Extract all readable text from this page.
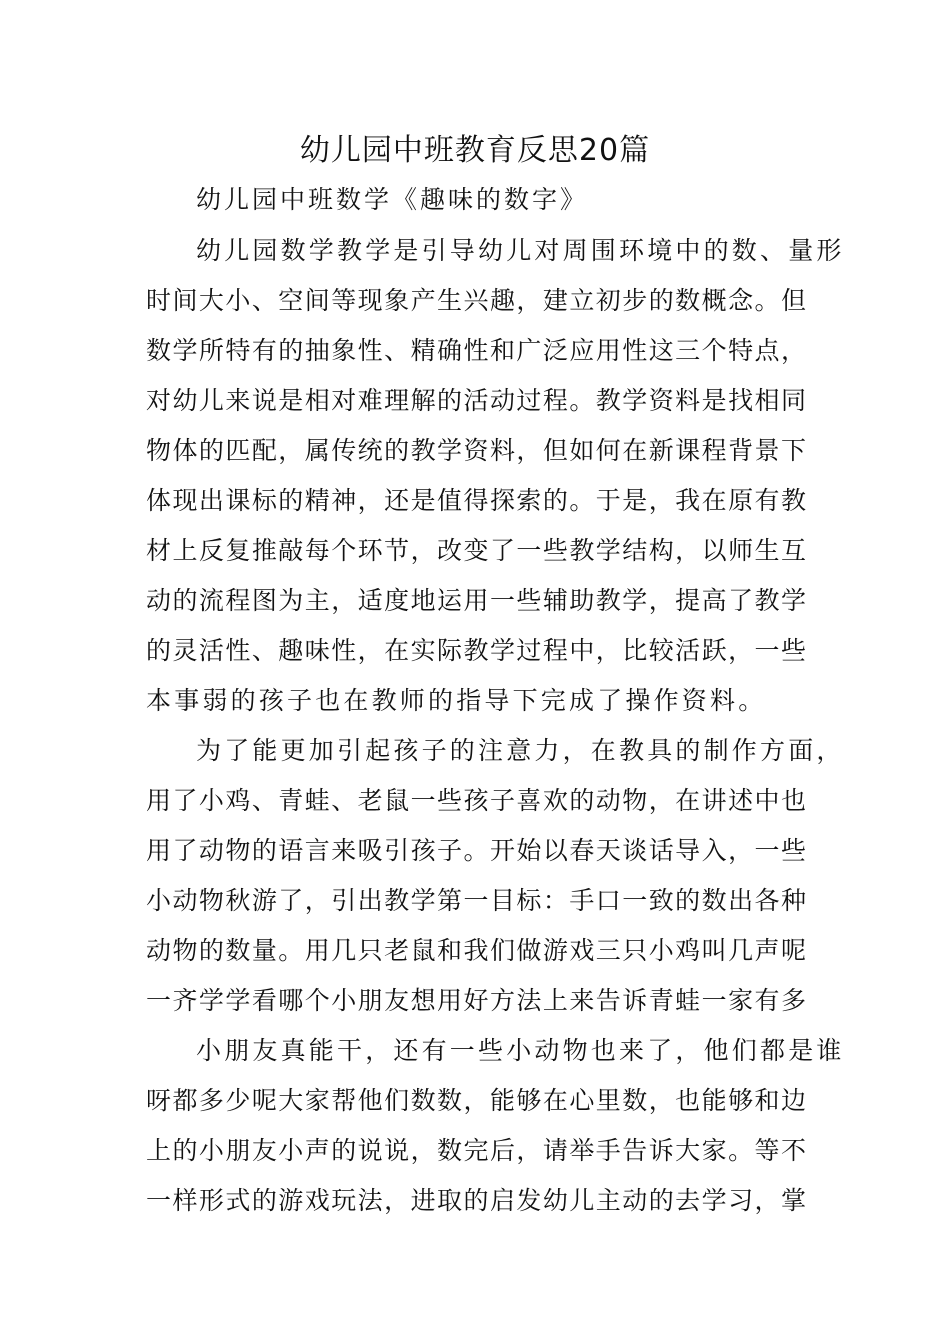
幼儿园中班教育反思20篇

幼儿园中班数学《趣味的数字》

幼儿园数学教学是引导幼儿对周围环境中的数、量形

时间大小、空间等现象产生兴趣，建立初步的数概念。但

数学所特有的抽象性、精确性和广泛应用性这三个特点，

对幼儿来说是相对难理解的活动过程。教学资料是找相同

物体的匹配，属传统的教学资料，但如何在新课程背景下

体现出课标的精神，还是值得探索的。于是，我在原有教

材上反复推敲每个环节，改变了一些教学结构，以师生互

动的流程图为主，适度地运用一些辅助教学，提高了教学

的灵活性、趣味性，在实际教学过程中，比较活跃，一些

本事弱的孩子也在教师的指导下完成了操作资料。

为了能更加引起孩子的注意力，在教具的制作方面，

用了小鸡、青蛙、老鼠一些孩子喜欢的动物，在讲述中也

用了动物的语言来吸引孩子。开始以春天谈话导入，一些

小动物秋游了，引出教学第一目标：手口一致的数出各种

动物的数量。用几只老鼠和我们做游戏三只小鸡叫几声呢

一齐学学看哪个小朋友想用好方法上来告诉青蛙一家有多

小朋友真能干，还有一些小动物也来了，他们都是谁

呀都多少呢大家帮他们数数，能够在心里数，也能够和边

上的小朋友小声的说说，数完后，请举手告诉大家。等不

一样形式的游戏玩法，进取的启发幼儿主动的去学习，掌
